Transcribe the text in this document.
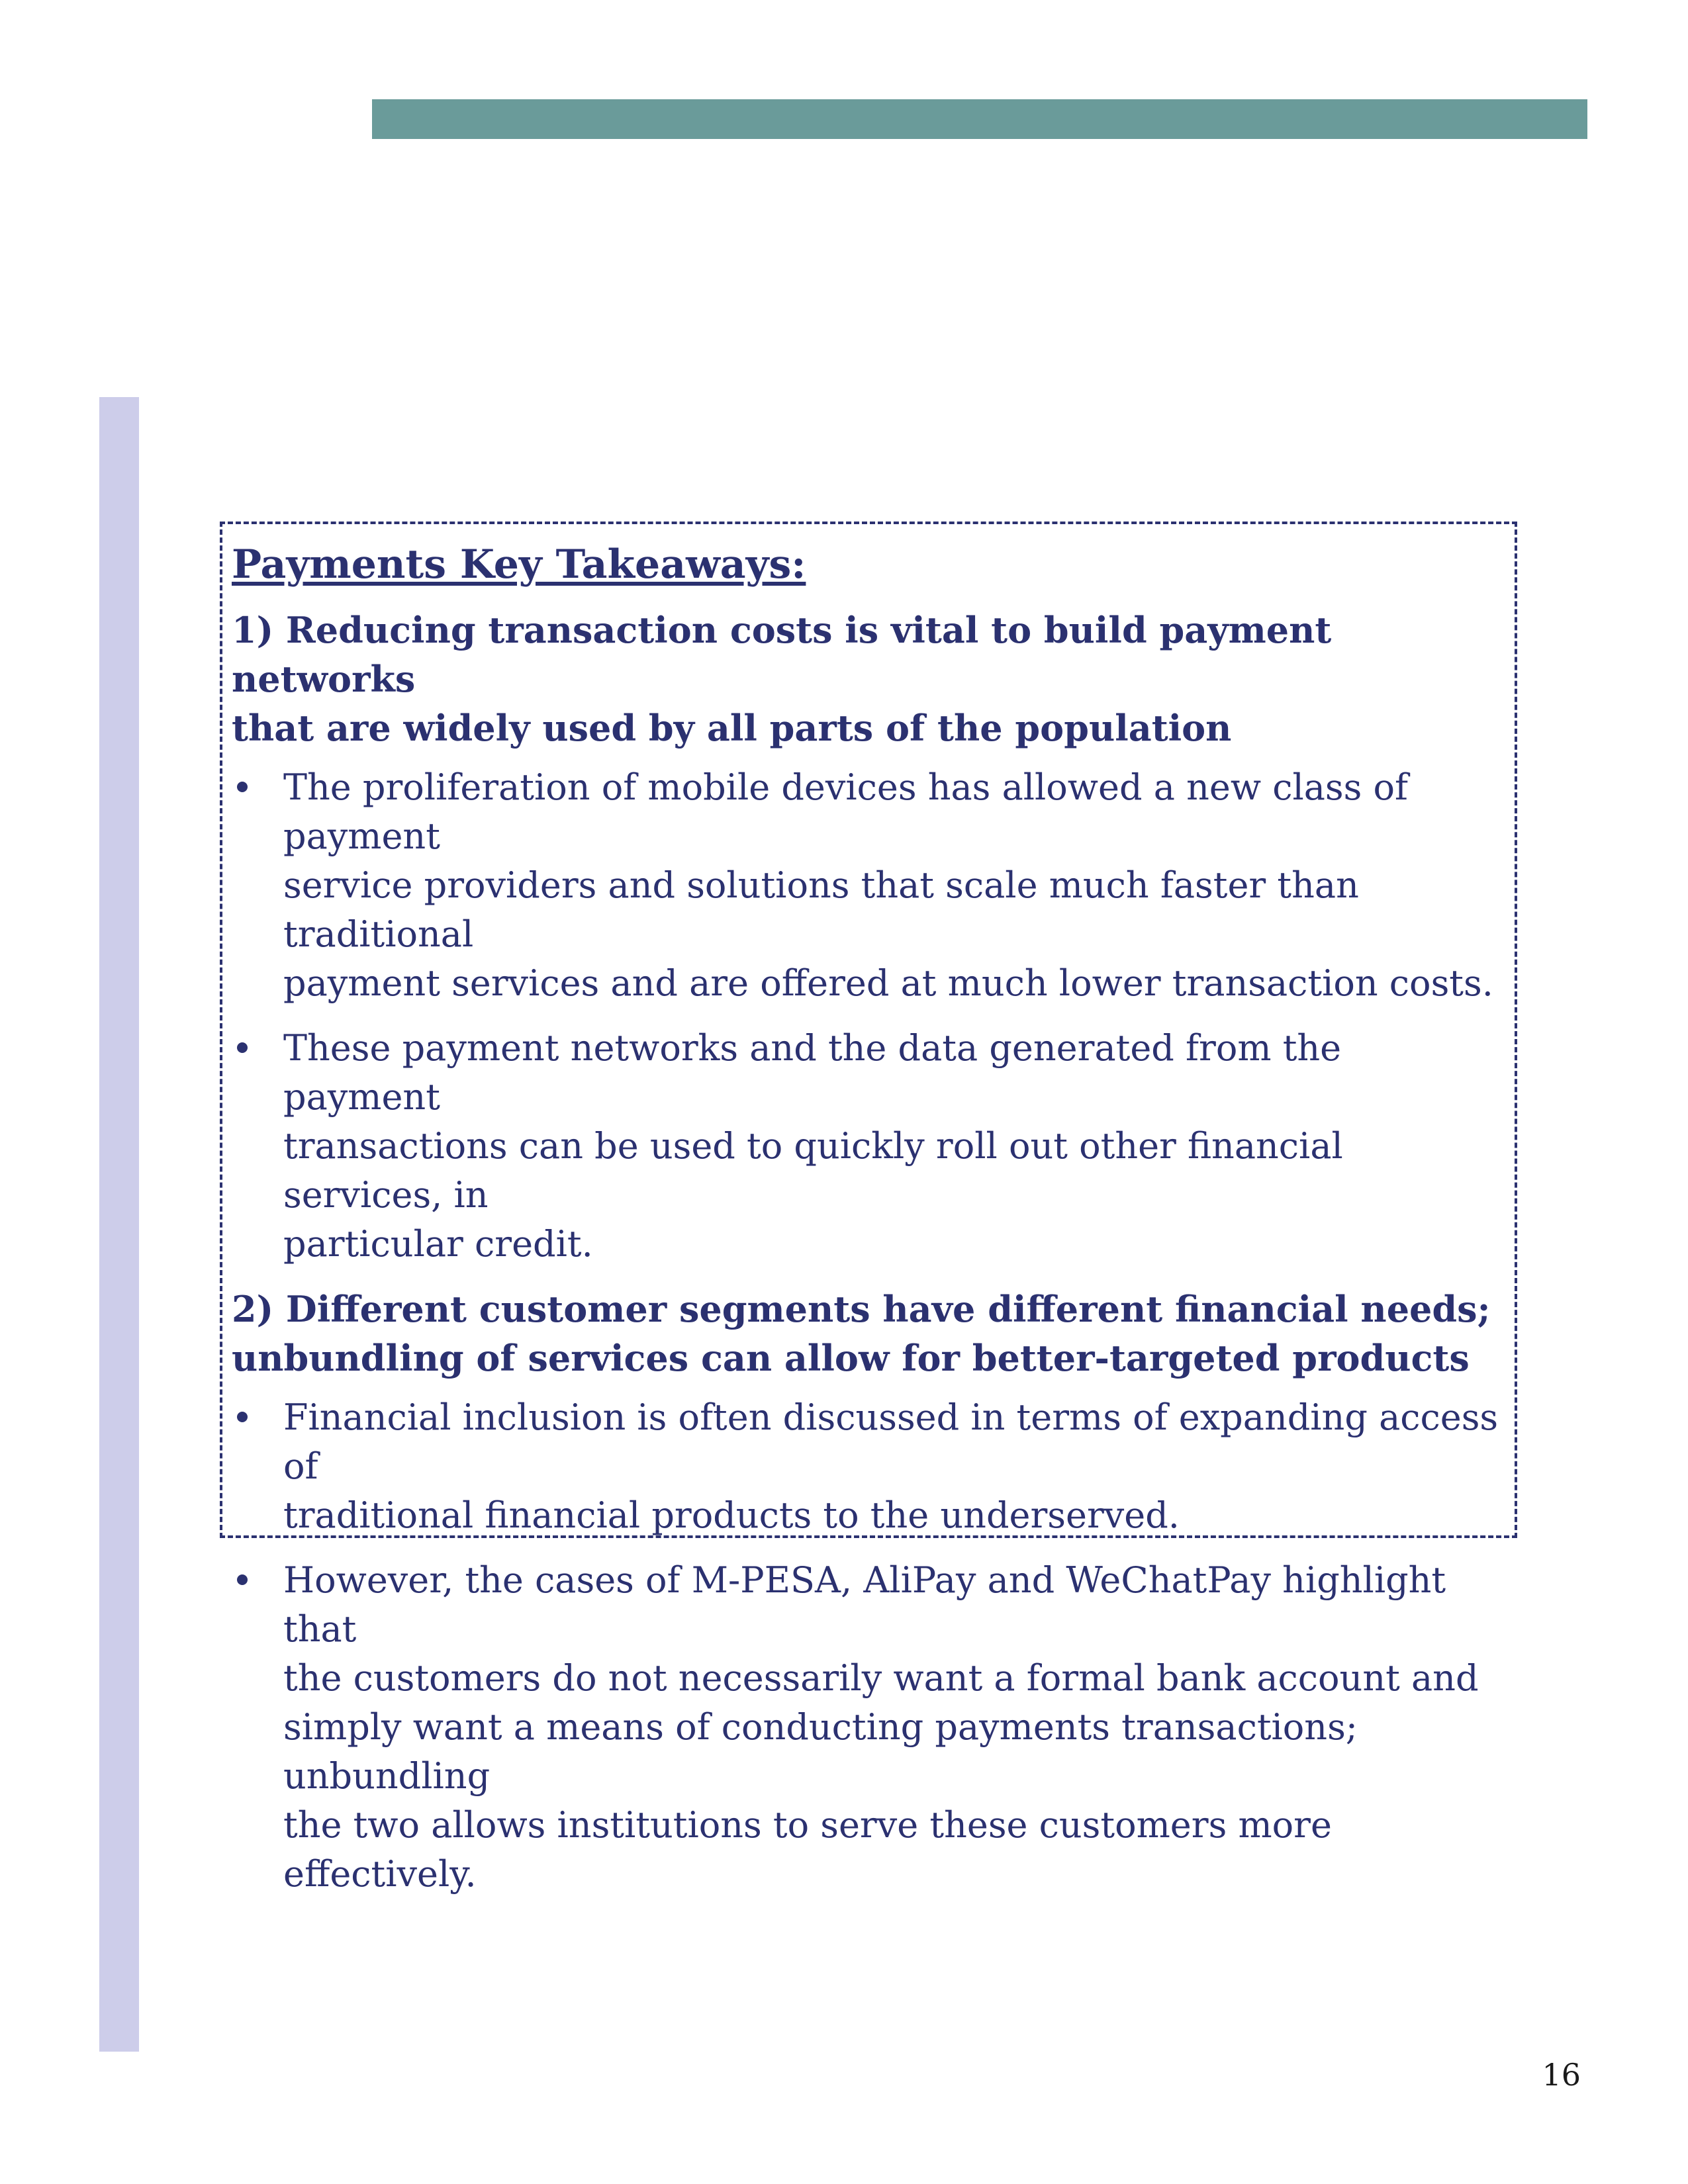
Payments Key Takeaways:
1) Reducing transaction costs is vital to build payment networks
that are widely used by all parts of the population
The proliferation of mobile devices has allowed a new class of payment
service providers and solutions that scale much faster than traditional
payment services and are offered at much lower transaction costs.
These payment networks and the data generated from the payment
transactions can be used to quickly roll out other financial services, in
particular credit.
2) Different customer segments have different financial needs;
unbundling of services can allow for better-targeted products
Financial inclusion is often discussed in terms of expanding access of
traditional financial products to the underserved.
However, the cases of M-PESA, AliPay and WeChatPay highlight that
the customers do not necessarily want a formal bank account and
simply want a means of conducting payments transactions; unbundling
the two allows institutions to serve these customers more effectively.
16
